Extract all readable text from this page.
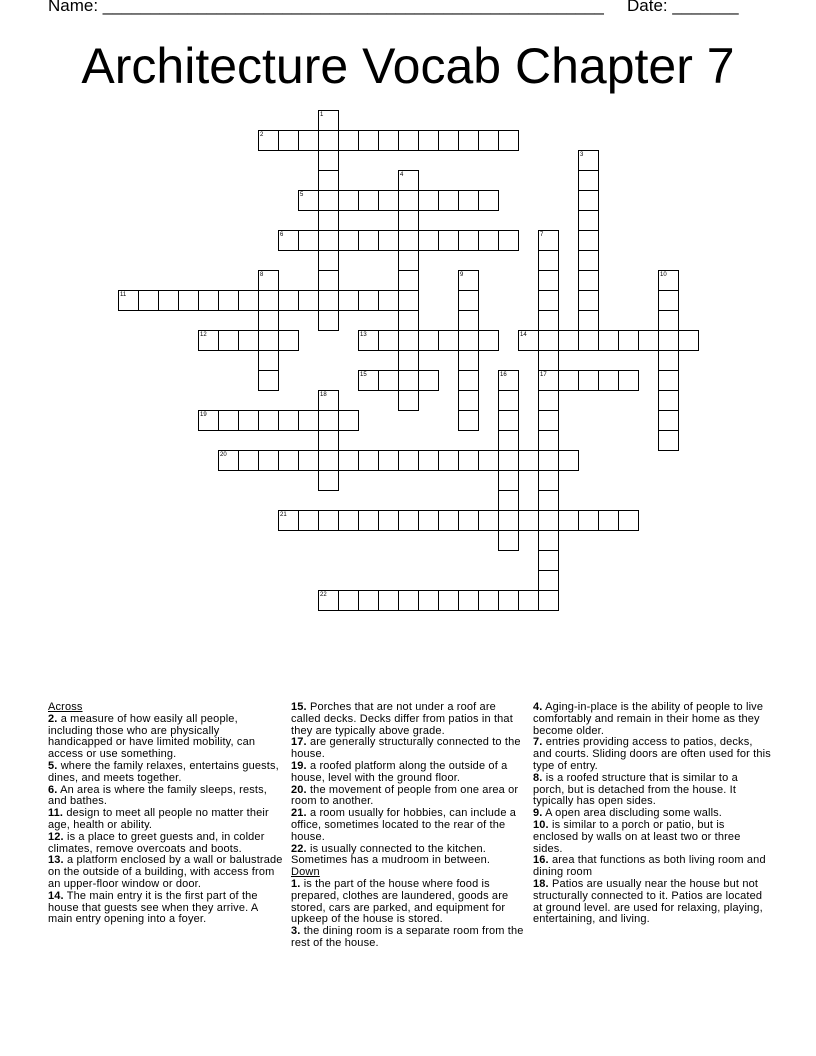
Name: _____________________________________________________ Date: _______
Architecture Vocab Chapter 7
1
2
3
4
5
6	7
8	9	10
11
12	13	14
15	16	17
18
19
20
21
22

Across

2. a measure of how easily all people, including those who are physically handicapped or have limited mobility, can access or use something.

5. where the family relaxes, entertains guests, dines, and meets together.

6. An area is where the family sleeps, rests, and bathes.

11. design to meet all people no matter their age, health or ability.

12. is a place to greet guests and, in colder climates, remove overcoats and boots.

13. a platform enclosed by a wall or balustrade on the outside of a building, with access from an upper-floor window or door.

14. The main entry it is the first part of the house that guests see when they arrive. A main entry opening into a foyer.

15. Porches that are not under a roof are called decks. Decks differ from patios in that they are typically above grade.

17. are generally structurally connected to the house.

19. a roofed platform along the outside of a house, level with the ground floor.

20. the movement of people from one area or room to another.

21. a room usually for hobbies, can include a office, sometimes located to the rear of the house.

22. is usually connected to the kitchen. Sometimes has a mudroom in between.

Down

1. is the part of the house where food is prepared, clothes are laundered, goods are stored, cars are parked, and equipment for upkeep of the house is stored.

3. the dining room is a separate room from the rest of the house.

4. Aging-in-place is the ability of people to live comfortably and remain in their home as they become older.

7. entries providing access to patios, decks, and courts. Sliding doors are often used for this type of entry.

8. is a roofed structure that is similar to a porch, but is detached from the house. It typically has open sides.

9. A open area discluding some walls.

10. is similar to a porch or patio, but is enclosed by walls on at least two or three sides.

16. area that functions as both living room and dining room

18. Patios are usually near the house but not structurally connected to it. Patios are located at ground level. are used for relaxing, playing, entertaining, and living.
